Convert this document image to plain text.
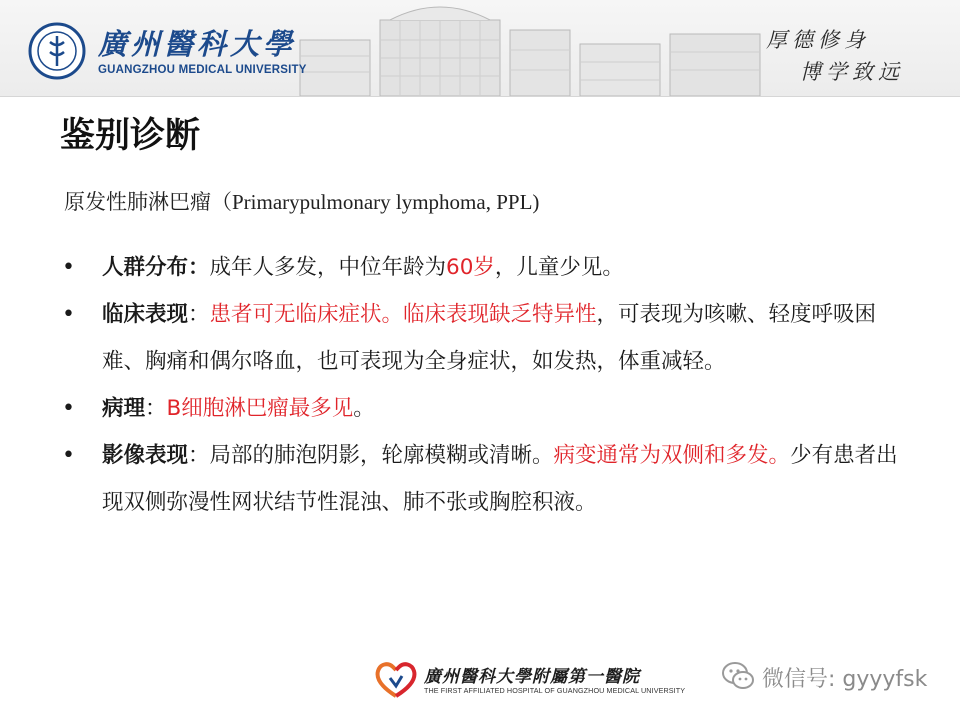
廣州醫科大學
GUANGZHOU MEDICAL UNIVERSITY
厚德修身
博学致远
鉴别诊断
原发性肺淋巴瘤（Primarypulmonary lymphoma, PPL)
• 人群分布：成年人多发，中位年龄为60岁，儿童少见。
• 临床表现：患者可无临床症状。临床表现缺乏特异性，可表现为咳嗽、轻度呼吸困难、胸痛和偶尔咯血，也可表现为全身症状，如发热，体重减轻。
• 病理：B细胞淋巴瘤最多见。
• 影像表现：局部的肺泡阴影，轮廓模糊或清晰。病变通常为双侧和多发。少有患者出现双侧弥漫性网状结节性混浊、肺不张或胸腔积液。
廣州醫科大學附屬第一醫院
THE FIRST AFFILIATED HOSPITAL OF GUANGZHOU MEDICAL UNIVERSITY	微信号: gyyyfsk
